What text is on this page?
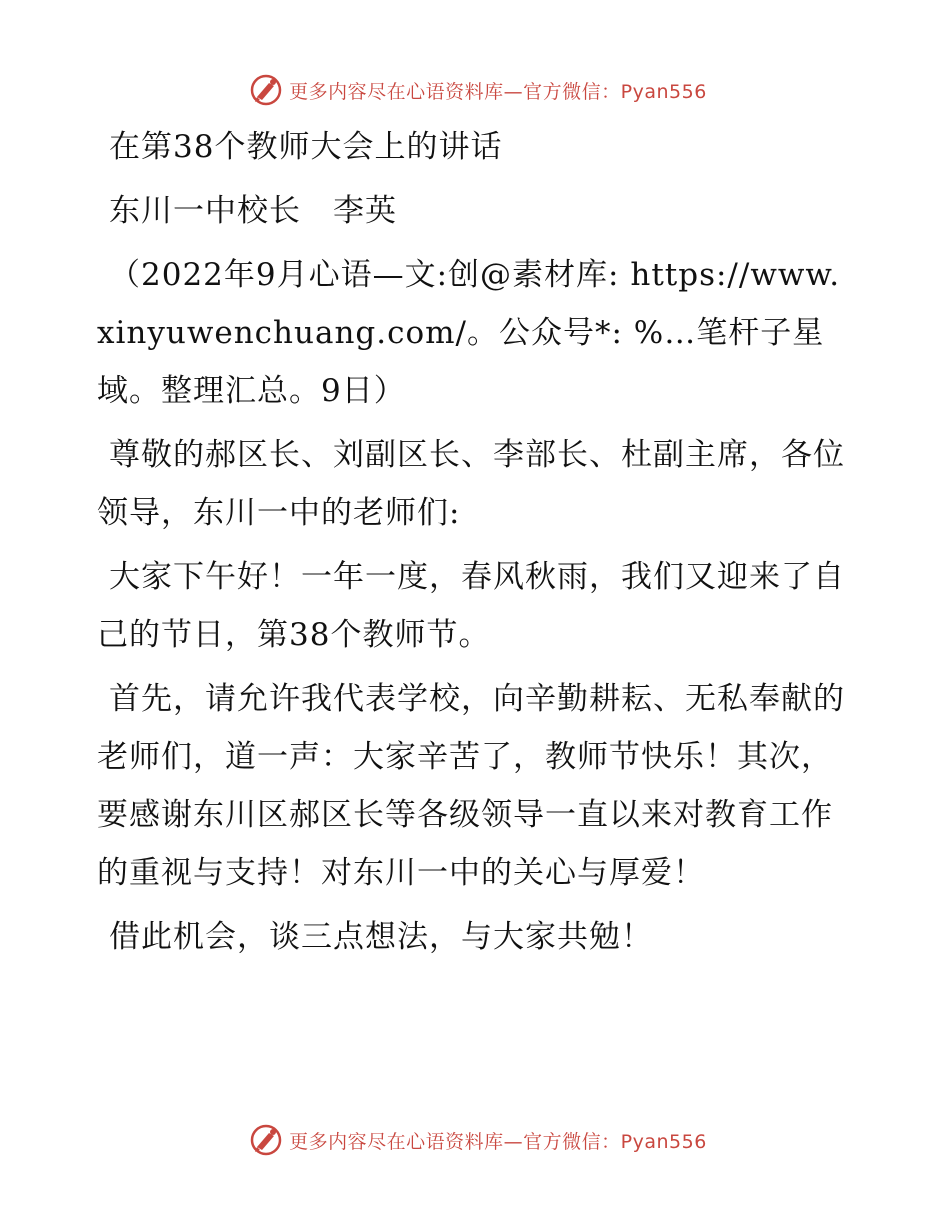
更多内容尽在心语资料库—官方微信：Pyan556

在第38个教师大会上的讲话

东川一中校长　李英

（2022年9月心语—文:创@素材库: https://www.xinyuwenchuang.com/。公众号*: %…笔杆子星域。整理汇总。9日）

尊敬的郝区长、刘副区长、李部长、杜副主席，各位领导，东川一中的老师们:

大家下午好！一年一度，春风秋雨，我们又迎来了自己的节日，第38个教师节。

首先，请允许我代表学校，向辛勤耕耘、无私奉献的老师们，道一声：大家辛苦了，教师节快乐！其次，要感谢东川区郝区长等各级领导一直以来对教育工作的重视与支持！对东川一中的关心与厚爱！

借此机会，谈三点想法，与大家共勉！

更多内容尽在心语资料库—官方微信：Pyan556
